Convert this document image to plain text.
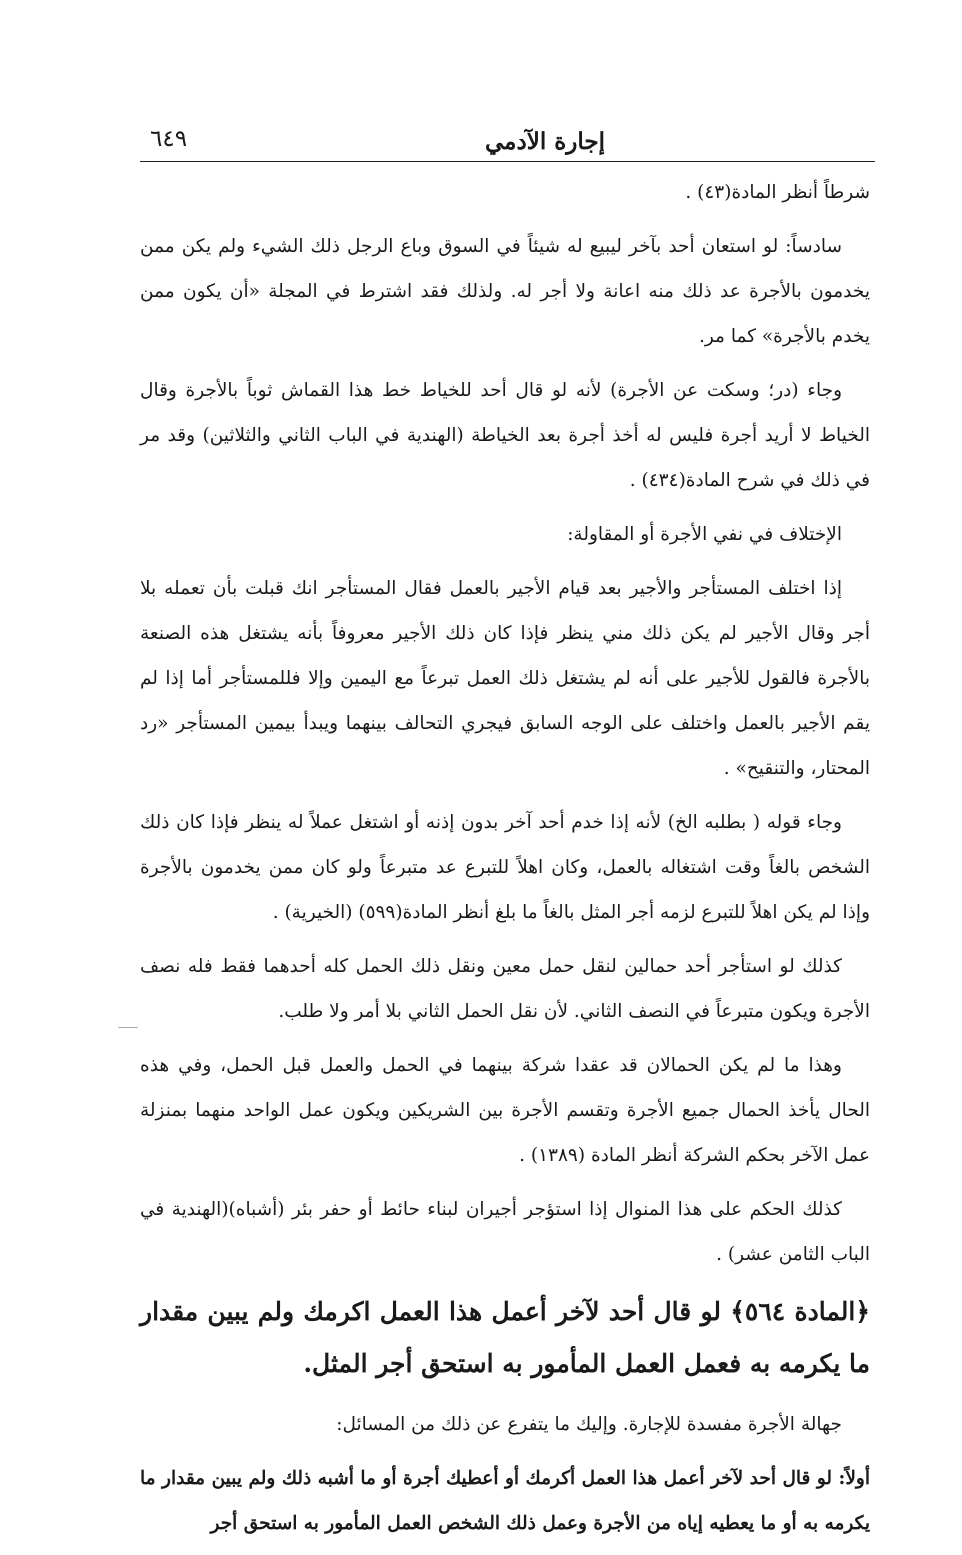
إجارة الآدمي
٦٤٩

شرطاً أنظر المادة(٤٣) .

سادساً: لو استعان أحد بآخر ليبيع له شيئاً في السوق وباع الرجل ذلك الشيء ولم يكن ممن يخدمون بالأجرة عد ذلك منه اعانة ولا أجر له. ولذلك فقد اشترط في المجلة «أن يكون ممن يخدم بالأجرة» كما مر.

وجاء (در؛ وسكت عن الأجرة) لأنه لو قال أحد للخياط خط هذا القماش ثوباً بالأجرة وقال الخياط لا أريد أجرة فليس له أخذ أجرة بعد الخياطة (الهندية في الباب الثاني والثلاثين) وقد مر في ذلك في شرح المادة(٤٣٤) .

الإختلاف في نفي الأجرة أو المقاولة:

إذا اختلف المستأجر والأجير بعد قيام الأجير بالعمل فقال المستأجر انك قبلت بأن تعمله بلا أجر وقال الأجير لم يكن ذلك مني ينظر فإذا كان ذلك الأجير معروفاً بأنه يشتغل هذه الصنعة بالأجرة فالقول للأجير على أنه لم يشتغل ذلك العمل تبرعاً مع اليمين وإلا فللمستأجر أما إذا لم يقم الأجير بالعمل واختلف على الوجه السابق فيجري التحالف بينهما ويبدأ بيمين المستأجر «رد المحتار، والتنقيح» .

وجاء قوله ( بطلبه الخ) لأنه إذا خدم أحد آخر بدون إذنه أو اشتغل عملاً له ينظر فإذا كان ذلك الشخص بالغاً وقت اشتغاله بالعمل، وكان اهلاً للتبرع عد متبرعاً ولو كان ممن يخدمون بالأجرة وإذا لم يكن اهلاً للتبرع لزمه أجر المثل بالغاً ما بلغ أنظر المادة(٥٩٩) (الخيرية) .

كذلك لو استأجر أحد حمالين لنقل حمل معين ونقل ذلك الحمل كله أحدهما فقط فله نصف الأجرة ويكون متبرعاً في النصف الثاني. لأن نقل الحمل الثاني بلا أمر ولا طلب.

وهذا ما لم يكن الحمالان قد عقدا شركة بينهما في الحمل والعمل قبل الحمل، وفي هذه الحال يأخذ الحمال جميع الأجرة وتقسم الأجرة بين الشريكين ويكون عمل الواحد منهما بمنزلة عمل الآخر بحكم الشركة أنظر المادة (١٣٨٩) .

كذلك الحكم على هذا المنوال إذا استؤجر أجيران لبناء حائط أو حفر بئر (أشباه)(الهندية في الباب الثامن عشر) .

﴿المادة ٥٦٤﴾ لو قال أحد لآخر أعمل هذا العمل اكرمك ولم يبين مقدار ما يكرمه به فعمل العمل المأمور به استحق أجر المثل.

جهالة الأجرة مفسدة للإجارة. وإليك ما يتفرع عن ذلك من المسائل:

أولاً: لو قال أحد لآخر أعمل هذا العمل أكرمك أو أعطيك أجرة أو ما أشبه ذلك ولم يبين مقدار ما يكرمه به أو ما يعطيه إياه من الأجرة وعمل ذلك الشخص العمل المأمور به استحق أجر
